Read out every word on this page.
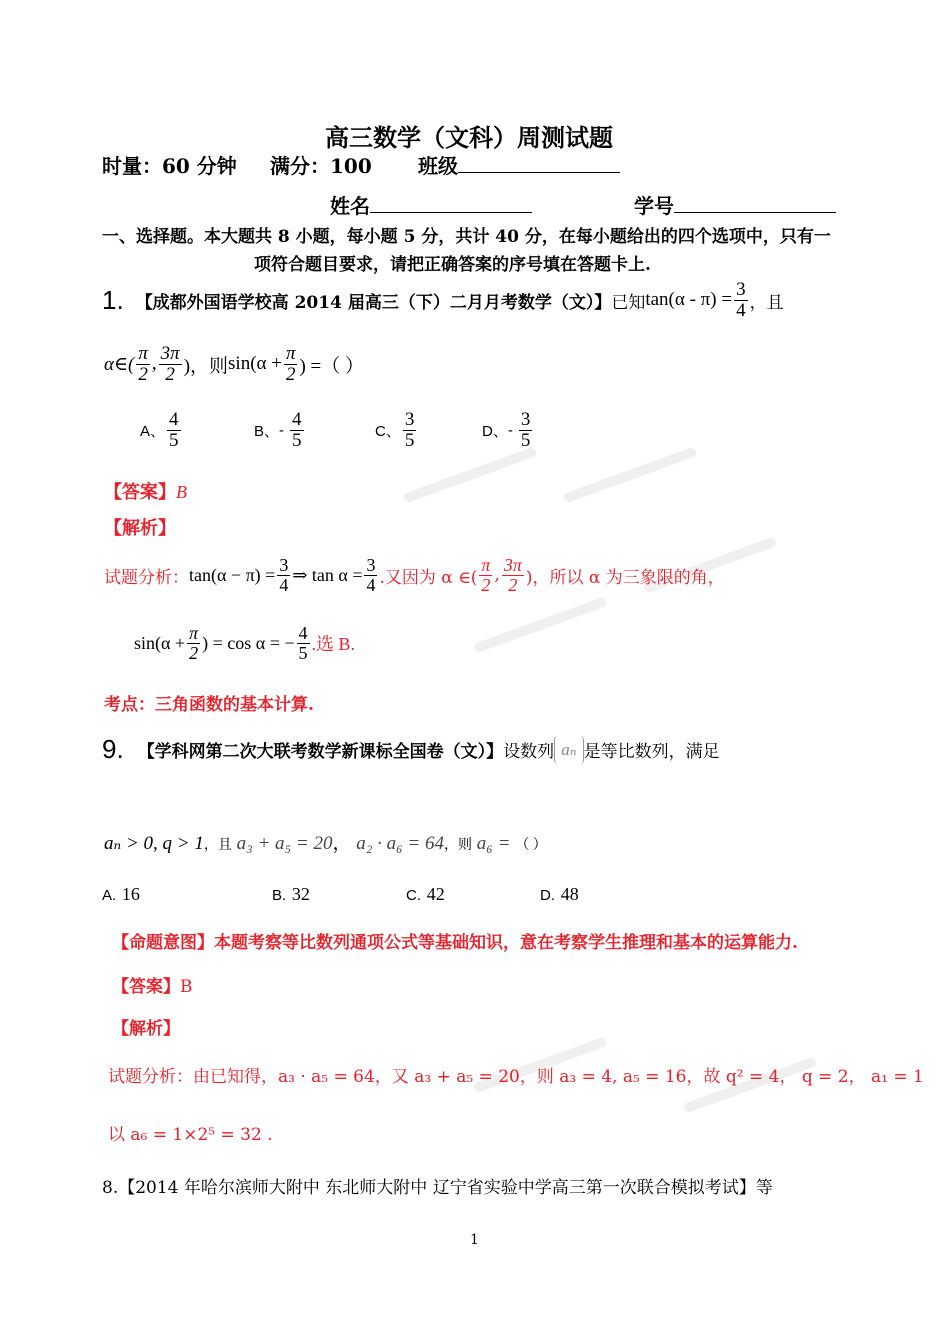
高三数学（文科）周测试题
时量：60 分钟 满分：100 班级
姓名	学号
一、选择题。本大题共 8 小题，每小题 5 分，共计 40 分，在每小题给出的四个选项中，只有一
项符合题目要求，请把正确答案的序号填在答题卡上.
1. 【成都外国语学校高 2014 届高三（下）二月月考数学（文）】 已知 $\tan(\alpha - \pi) = \frac{3}{4}$ ，且
α∈( $\frac{\pi}{2}$ , $\frac{3\pi}{2}$ )，则 $\sin(\alpha + \frac{\pi}{2}$ ) =（ ）
A、 $\frac{4}{5}$	B、 - $\frac{4}{5}$	C、 $\frac{3}{5}$	D、 - $\frac{3}{5}$
【答案】B
【解析】
试题分析： $\tan(\alpha - \pi) = \frac{3}{4}$ ⇒ $\tan \alpha = \frac{3}{4}$ .又因为 α ∈( $\frac{\pi}{2}$ , $\frac{3\pi}{2}$ )，所以 α 为三象限的角，
$\sin(\alpha + \frac{\pi}{2}$ ) = cos α = − $\frac{4}{5}$ .选 B.
考点：三角函数的基本计算.
9. 【学科网第二次大联考数学新课标全国卷（文）】 设数列 aₙ 是等比数列，满足
aₙ > 0, q > 1，且 a₃ + a₅ = 20， a₂ · a₆ = 64，则 a₆ = （ ）
A. 16	B. 32	C. 42	D. 48
【命题意图】本题考察等比数列通项公式等基础知识，意在考察学生推理和基本的运算能力.
【答案】B
【解析】
试题分析：由已知得，a₃ · a₅ = 64，又 a₃ + a₅ = 20，则 a₃ = 4, a₅ = 16，故 q² = 4， q = 2， a₁ = 1
以 a₆ = 1×2⁵ = 32 .
8.【2014 年哈尔滨师大附中 东北师大附中 辽宁省实验中学高三第一次联合模拟考试】等
1
